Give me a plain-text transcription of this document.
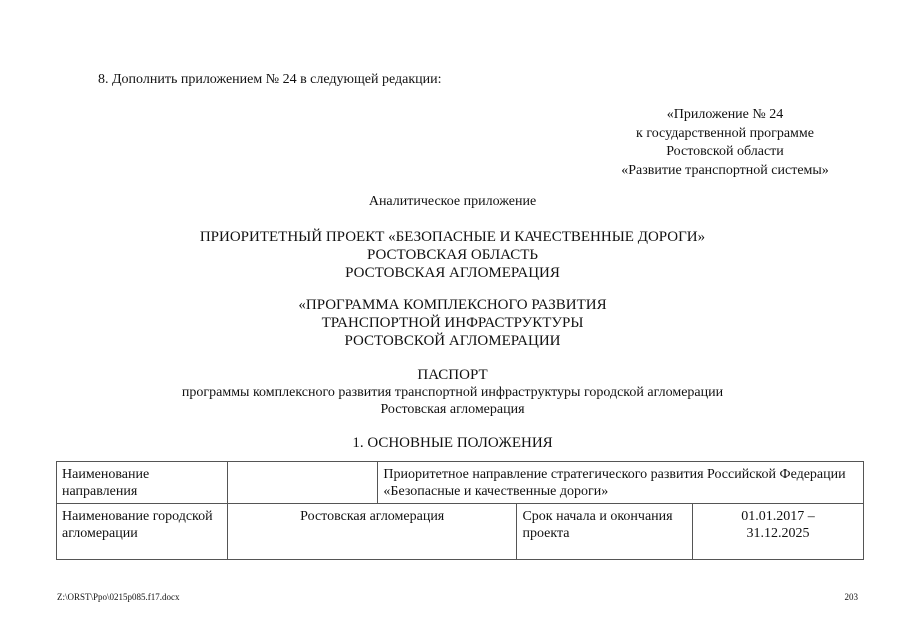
8. Дополнить приложением № 24 в следующей редакции:
«Приложение № 24
к государственной программе
Ростовской области
«Развитие транспортной системы»
Аналитическое приложение
ПРИОРИТЕТНЫЙ ПРОЕКТ «БЕЗОПАСНЫЕ И КАЧЕСТВЕННЫЕ ДОРОГИ»
РОСТОВСКАЯ ОБЛАСТЬ
РОСТОВСКАЯ АГЛОМЕРАЦИЯ
«ПРОГРАММА КОМПЛЕКСНОГО РАЗВИТИЯ
ТРАНСПОРТНОЙ ИНФРАСТРУКТУРЫ
РОСТОВСКОЙ АГЛОМЕРАЦИИ
ПАСПОРТ
программы комплексного развития транспортной инфраструктуры городской агломерации
Ростовская агломерация
1. ОСНОВНЫЕ ПОЛОЖЕНИЯ
Наименование направления		Приоритетное направление стратегического развития Российской Федерации «Безопасные и качественные дороги»		
Наименование городской агломерации	Ростовская агломерация		Срок начала и окончания проекта	01.01.2017 – 31.12.2025
Z:\ORST\Ppo\0215p085.f17.docx	203
